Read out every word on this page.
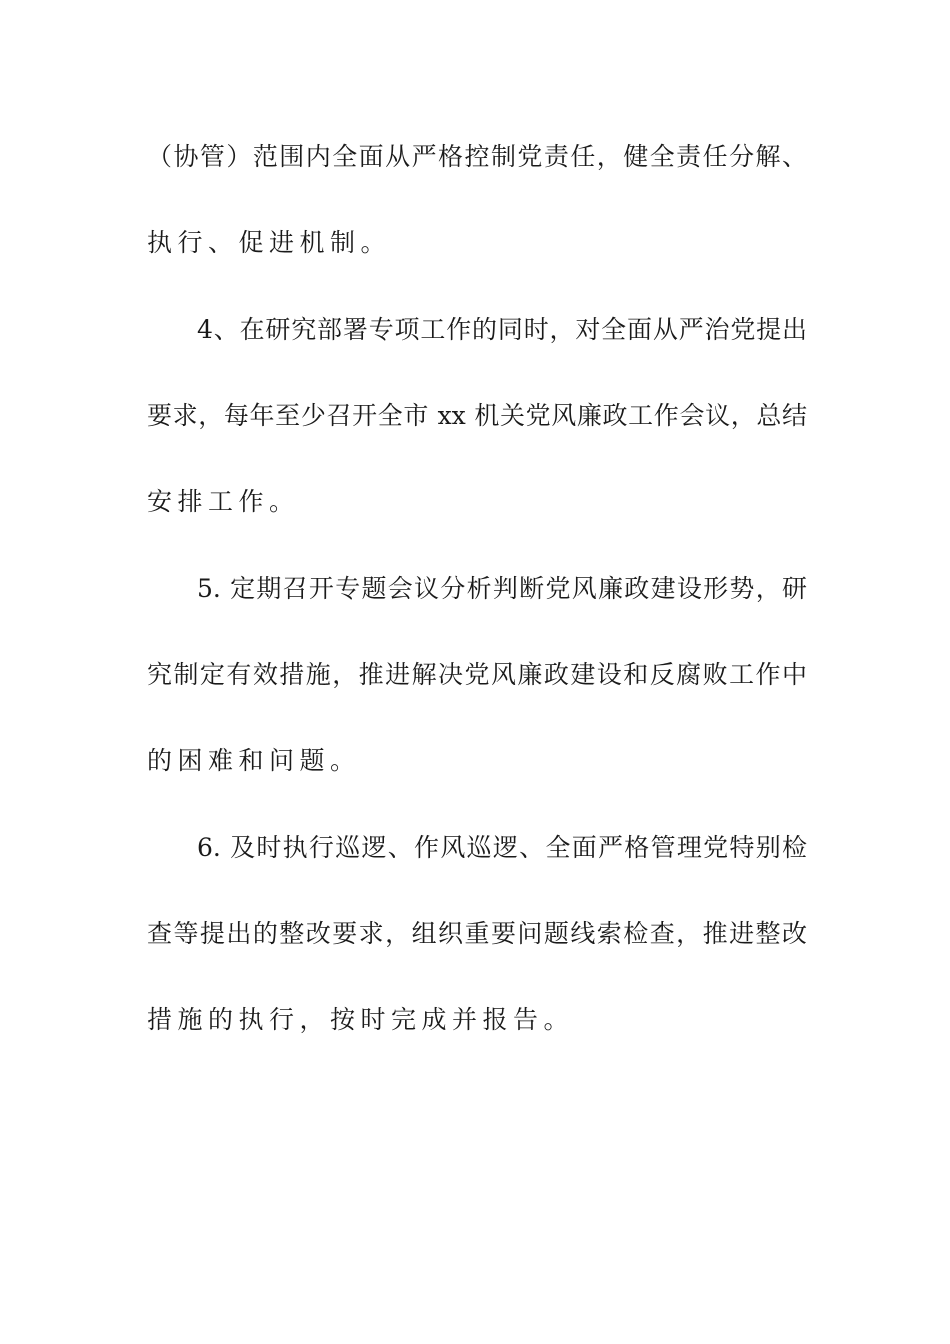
（协管）范围内全面从严格控制党责任，健全责任分解、
执行、促进机制。
4、在研究部署专项工作的同时，对全面从严治党提出
要求，每年至少召开全市 xx 机关党风廉政工作会议，总结
安排工作。
5. 定期召开专题会议分析判断党风廉政建设形势，研
究制定有效措施，推进解决党风廉政建设和反腐败工作中
的困难和问题。
6. 及时执行巡逻、作风巡逻、全面严格管理党特别检
查等提出的整改要求，组织重要问题线索检查，推进整改
措施的执行，按时完成并报告。
